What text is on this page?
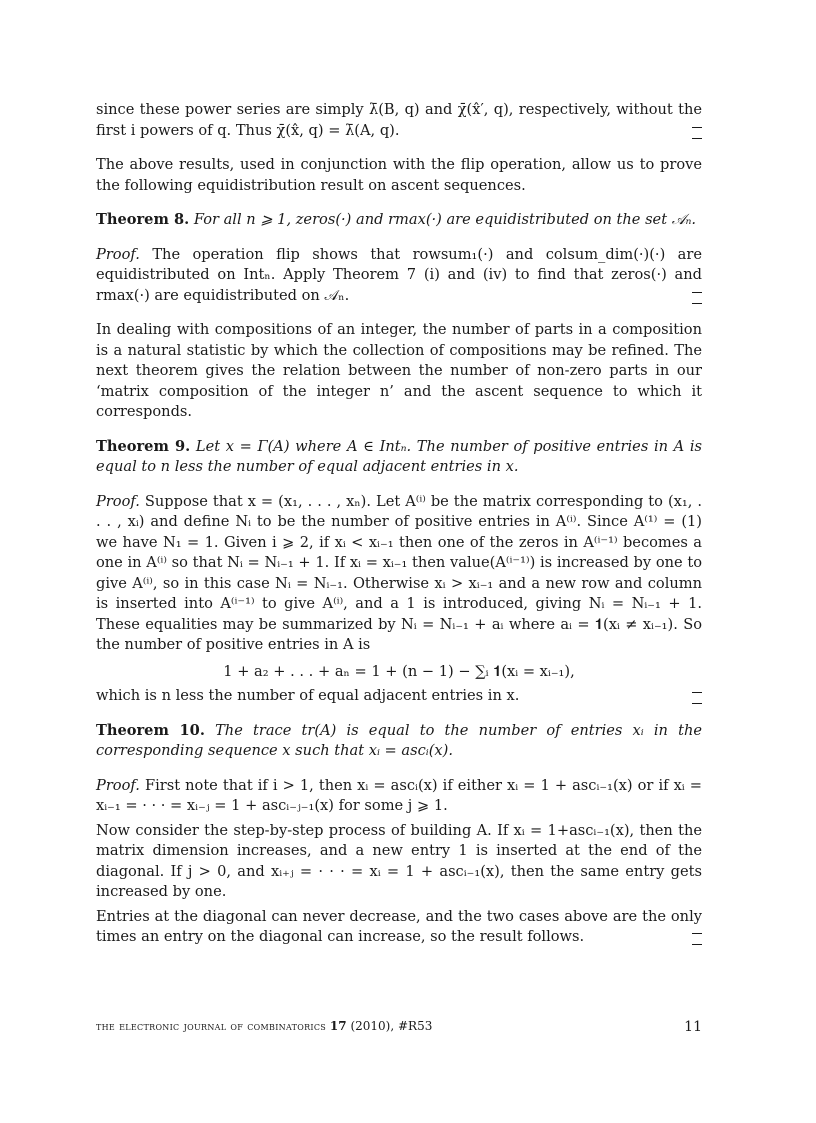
since these power series are simply λ̄(B, q) and χ̄(x̂′, q), respectively, without the first i powers of q. Thus χ̄(x̂, q) = λ̄(A, q).

The above results, used in conjunction with the flip operation, allow us to prove the following equidistribution result on ascent sequences.

Theorem 8. For all n ⩾ 1, zeros(·) and rmax(·) are equidistributed on the set 𝒜ₙ.

Proof. The operation flip shows that rowsum₁(·) and colsum_dim(·)(·) are equidistributed on Intₙ. Apply Theorem 7 (i) and (iv) to find that zeros(·) and rmax(·) are equidistributed on 𝒜ₙ.

In dealing with compositions of an integer, the number of parts in a composition is a natural statistic by which the collection of compositions may be refined. The next theorem gives the relation between the number of non-zero parts in our ‘matrix composition of the integer n’ and the ascent sequence to which it corresponds.

Theorem 9. Let x = Γ(A) where A ∈ Intₙ. The number of positive entries in A is equal to n less the number of equal adjacent entries in x.

Proof. Suppose that x = (x₁, . . . , xₙ). Let A⁽ⁱ⁾ be the matrix corresponding to (x₁, . . . , xᵢ) and define Nᵢ to be the number of positive entries in A⁽ⁱ⁾. Since A⁽¹⁾ = (1) we have N₁ = 1. Given i ⩾ 2, if xᵢ < xᵢ₋₁ then one of the zeros in A⁽ⁱ⁻¹⁾ becomes a one in A⁽ⁱ⁾ so that Nᵢ = Nᵢ₋₁ + 1. If xᵢ = xᵢ₋₁ then value(A⁽ⁱ⁻¹⁾) is increased by one to give A⁽ⁱ⁾, so in this case Nᵢ = Nᵢ₋₁. Otherwise xᵢ > xᵢ₋₁ and a new row and column is inserted into A⁽ⁱ⁻¹⁾ to give A⁽ⁱ⁾, and a 1 is introduced, giving Nᵢ = Nᵢ₋₁ + 1. These equalities may be summarized by Nᵢ = Nᵢ₋₁ + aᵢ where aᵢ = 𝟏(xᵢ ≠ xᵢ₋₁). So the number of positive entries in A is

1 + a₂ + . . . + aₙ = 1 + (n − 1) − ∑ᵢ 𝟏(xᵢ = xᵢ₋₁),

which is n less the number of equal adjacent entries in x.

Theorem 10. The trace tr(A) is equal to the number of entries xᵢ in the corresponding sequence x such that xᵢ = ascᵢ(x).

Proof. First note that if i > 1, then xᵢ = ascᵢ(x) if either xᵢ = 1 + ascᵢ₋₁(x) or if xᵢ = xᵢ₋₁ = · · · = xᵢ₋ⱼ = 1 + ascᵢ₋ⱼ₋₁(x) for some j ⩾ 1.

Now consider the step-by-step process of building A. If xᵢ = 1+ascᵢ₋₁(x), then the matrix dimension increases, and a new entry 1 is inserted at the end of the diagonal. If j > 0, and xᵢ₊ⱼ = · · · = xᵢ = 1 + ascᵢ₋₁(x), then the same entry gets increased by one.

Entries at the diagonal can never decrease, and the two cases above are the only times an entry on the diagonal can increase, so the result follows.

the electronic journal of combinatorics 17 (2010), #R53	11
